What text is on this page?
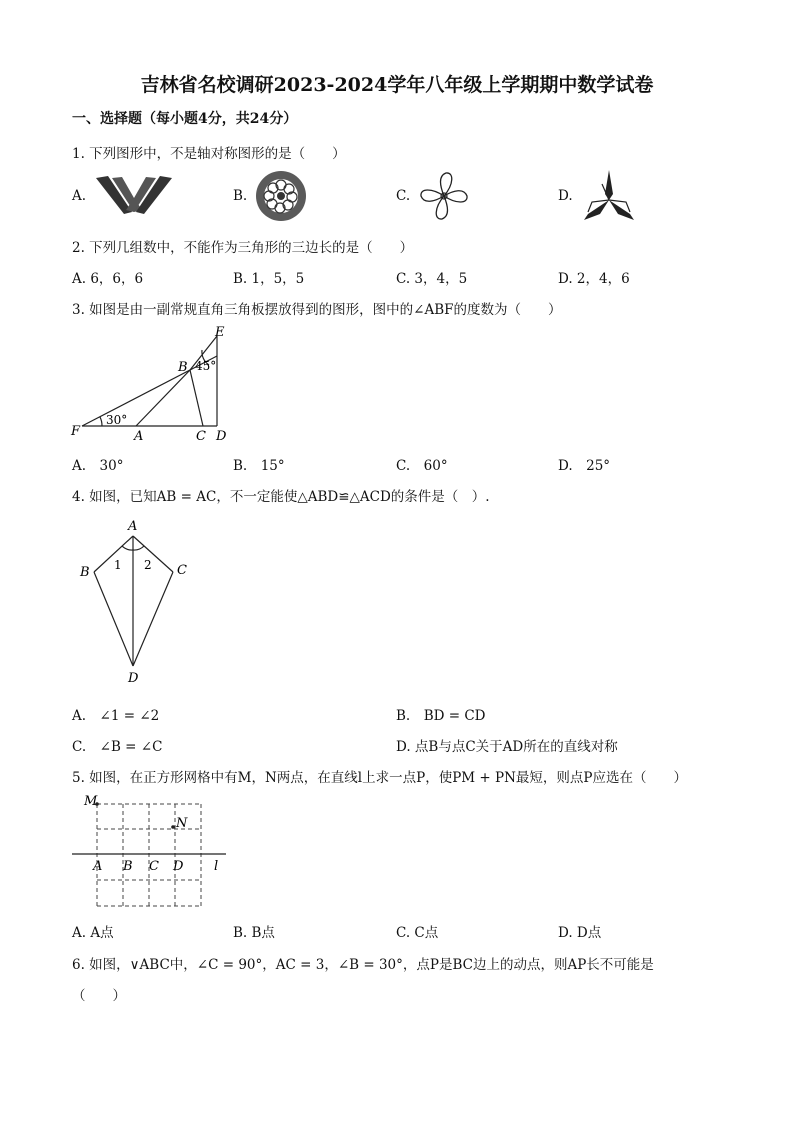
吉林省名校调研2023-2024学年八年级上学期期中数学试卷
一、选择题（每小题4分，共24分）
1. 下列图形中，不是轴对称图形的是（　　）
A.	B.	C.	D.
2. 下列几组数中，不能作为三角形的三边长的是（　　）
A. 6，6，6	B. 1，5，5	C. 3，4，5	D. 2，4，6
3. 如图是由一副常规直角三角板摆放得到的图形，图中的∠ABF的度数为（　　）
E
B 45°
F
30°
A	C D
A.　30°	B.　15°	C.　60°	D.　25°
4. 如图，已知AB = AC，不一定能使△ABD≌△ACD的条件是（　）.
A
B	C
D
1 2
A.　∠1 = ∠2	B.　BD = CD
C.　∠B = ∠C	D. 点B与点C关于AD所在的直线对称
5. 如图，在正方形网格中有M，N两点，在直线l上求一点P，使PM + PN最短，则点P应选在（　　）
M
N
A B C D l
A. A点	B. B点	C. C点	D. D点
6. 如图，∨ABC中，∠C = 90°，AC = 3，∠B = 30°，点P是BC边上的动点，则AP长不可能是
（　　）
